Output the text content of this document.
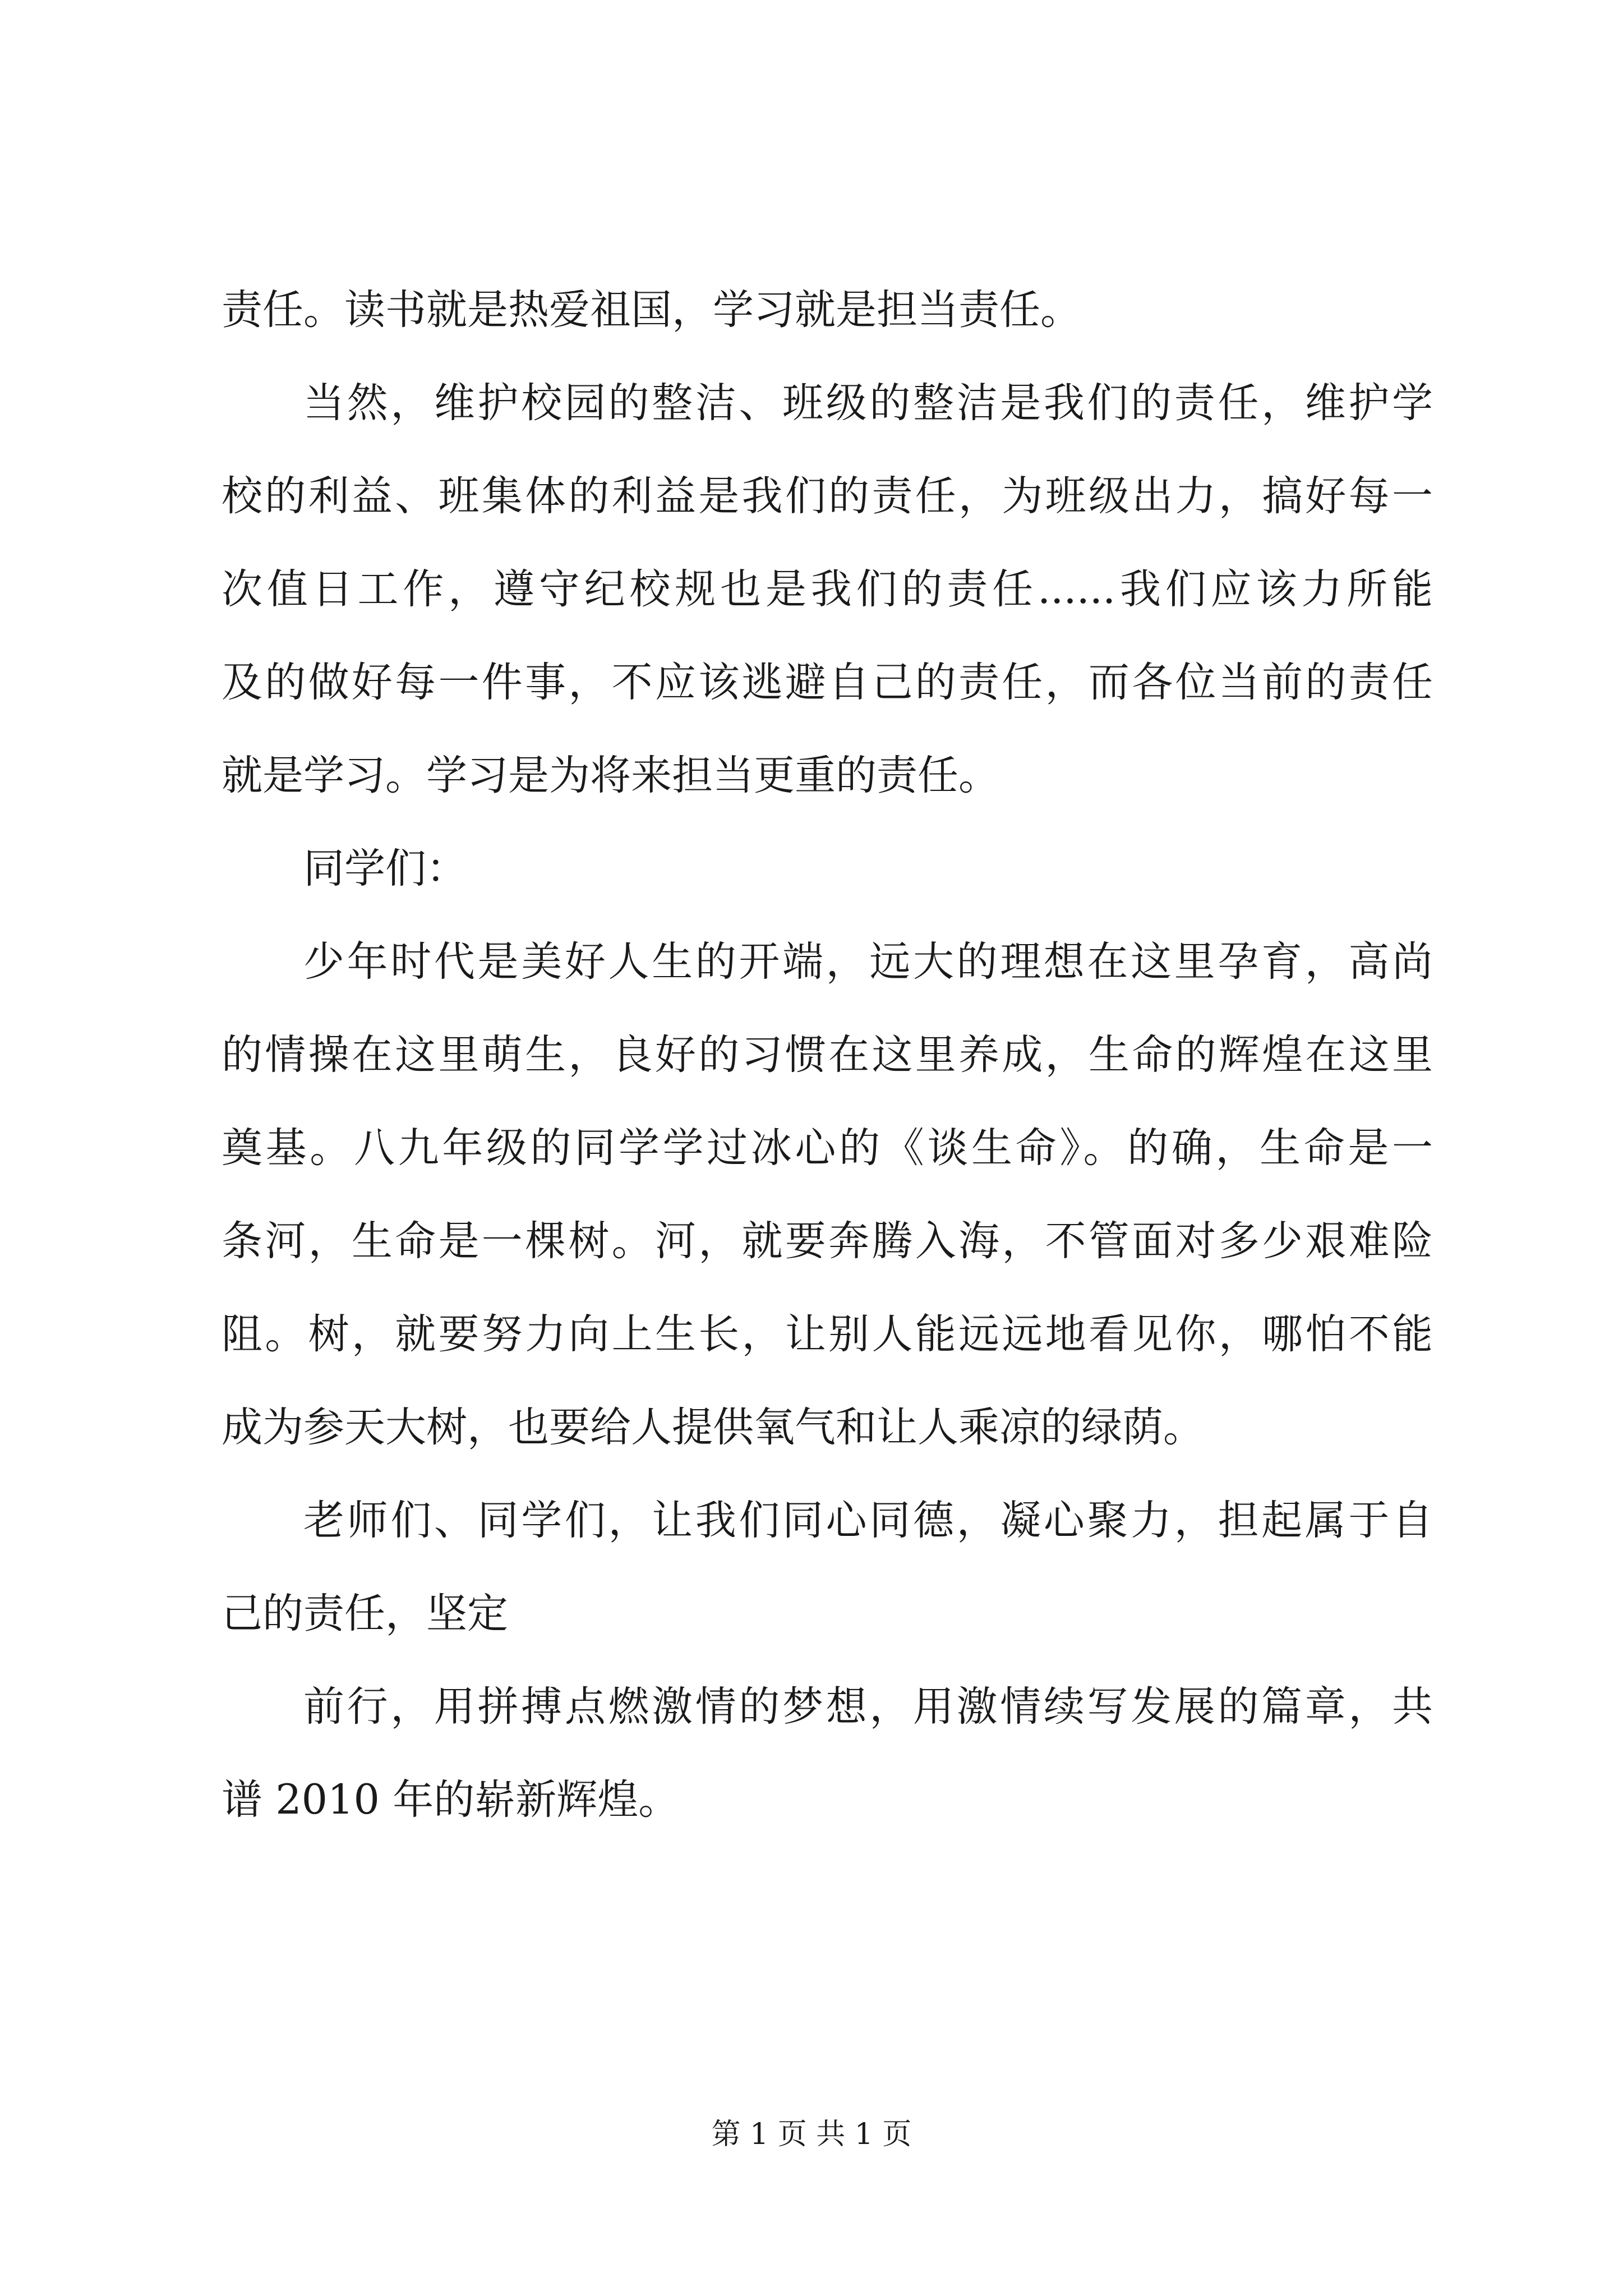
责任。读书就是热爱祖国，学习就是担当责任。
当然，维护校园的整洁、班级的整洁是我们的责任，维护学
校的利益、班集体的利益是我们的责任，为班级出力，搞好每一
次值日工作，遵守纪校规也是我们的责任......我们应该力所能
及的做好每一件事，不应该逃避自己的责任，而各位当前的责任
就是学习。学习是为将来担当更重的责任。
同学们：
少年时代是美好人生的开端，远大的理想在这里孕育，高尚
的情操在这里萌生，良好的习惯在这里养成，生命的辉煌在这里
奠基。八九年级的同学学过冰心的《谈生命》。的确，生命是一
条河，生命是一棵树。河，就要奔腾入海，不管面对多少艰难险
阻。树，就要努力向上生长，让别人能远远地看见你，哪怕不能
成为参天大树，也要给人提供氧气和让人乘凉的绿荫。
老师们、同学们，让我们同心同德，凝心聚力，担起属于自
己的责任，坚定
前行，用拼搏点燃激情的梦想，用激情续写发展的篇章，共
谱 2010 年的崭新辉煌。
第 1 页 共 1 页
